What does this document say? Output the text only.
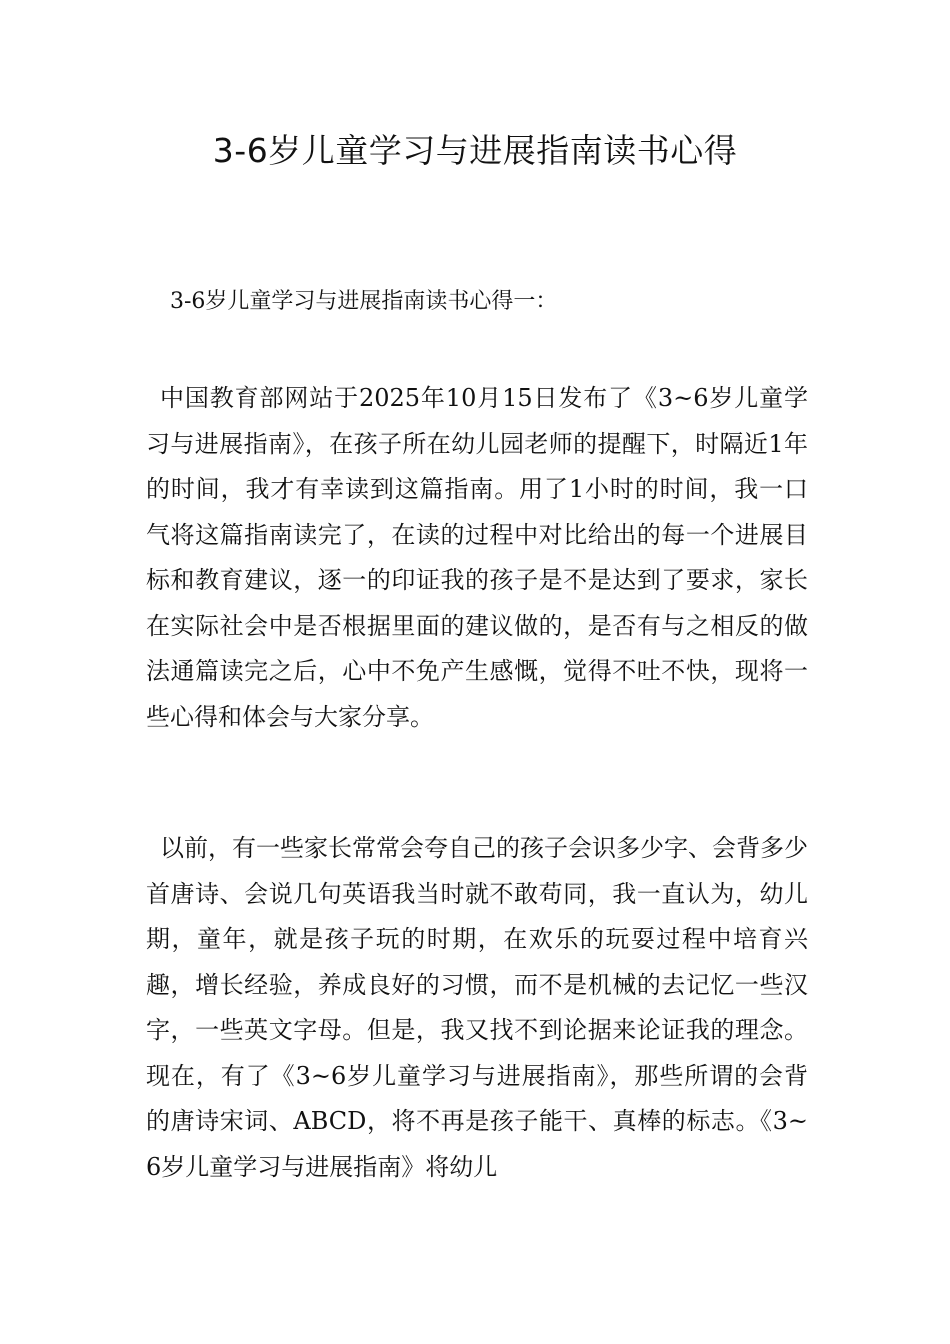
3-6岁儿童学习与进展指南读书心得

3-6岁儿童学习与进展指南读书心得一：

中国教育部网站于2025年10月15日发布了《3~6岁儿童学习与进展指南》，在孩子所在幼儿园老师的提醒下，时隔近1年的时间，我才有幸读到这篇指南。用了1小时的时间，我一口气将这篇指南读完了，在读的过程中对比给出的每一个进展目标和教育建议，逐一的印证我的孩子是不是达到了要求，家长在实际社会中是否根据里面的建议做的，是否有与之相反的做法通篇读完之后，心中不免产生感慨，觉得不吐不快，现将一些心得和体会与大家分享。

以前，有一些家长常常会夸自己的孩子会识多少字、会背多少首唐诗、会说几句英语我当时就不敢苟同，我一直认为，幼儿期，童年，就是孩子玩的时期，在欢乐的玩耍过程中培育兴趣，增长经验，养成良好的习惯，而不是机械的去记忆一些汉字，一些英文字母。但是，我又找不到论据来论证我的理念。现在，有了《3~6岁儿童学习与进展指南》，那些所谓的会背的唐诗宋词、ABCD，将不再是孩子能干、真棒的标志。《3~6岁儿童学习与进展指南》将幼儿
